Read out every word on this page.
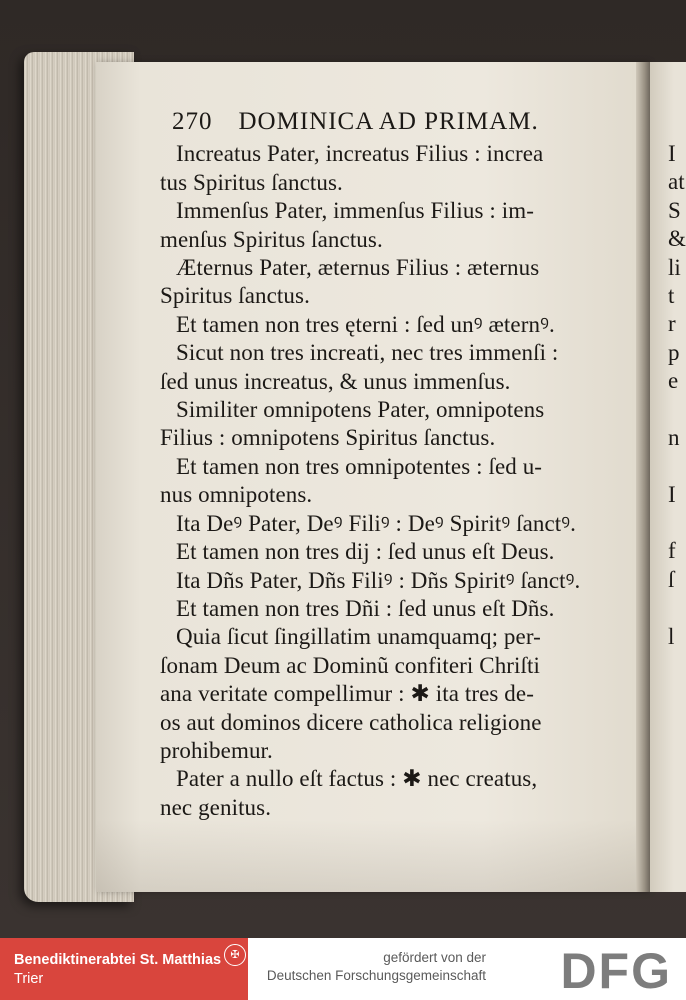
270 DOMINICA AD PRIMAM.
Increatus Pater, increatus Filius : increa
tus Spiritus ſanctus.
Immenſus Pater, immenſus Filius : im-
menſus Spiritus ſanctus.
Æternus Pater, æternus Filius : æternus
Spiritus ſanctus.
Et tamen non tres ęterni : ſed unꝰ æternꝰ.
Sicut non tres increati, nec tres immenſi :
ſed unus increatus, & unus immenſus.
Similiter omnipotens Pater, omnipotens
Filius : omnipotens Spiritus ſanctus.
Et tamen non tres omnipotentes : ſed u-
nus omnipotens.
Ita Deꝰ Pater, Deꝰ Filiꝰ : Deꝰ Spiritꝰ ſanctꝰ.
Et tamen non tres dij : ſed unus eſt Deus.
Ita Dñs Pater, Dñs Filiꝰ : Dñs Spiritꝰ ſanctꝰ.
Et tamen non tres Dñi : ſed unus eſt Dñs.
Quia ſicut ſingillatim unamquamq; per-
ſonam Deum ac Dominũ confiteri Chriſti
ana veritate compellimur : ✱ ita tres de-
os aut dominos dicere catholica religione
prohibemur.
Pater a nullo eſt factus : ✱ nec creatus,
nec genitus.
I
at
S
&
li
t
r
p
e
n
I
f
ſ
l
Benediktinerabtei St. Matthias
Trier
✠	gefördert von der
Deutschen Forschungsgemeinschaft DFG
